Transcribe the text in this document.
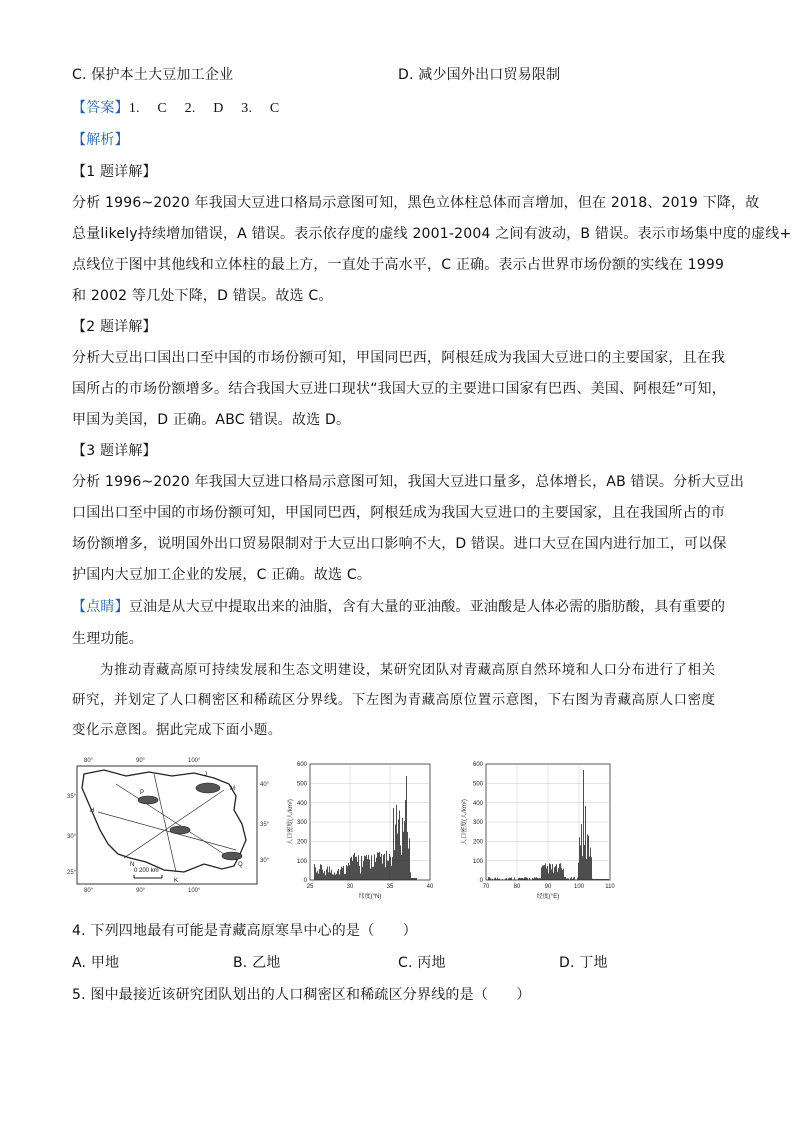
C. 保护本土大豆加工企业	D. 减少国外出口贸易限制
【答案】1. C 2. D 3. C
【解析】
【1 题详解】
分析 1996~2020 年我国大豆进口格局示意图可知，黑色立体柱总体而言增加，但在 2018、2019 下降，故
总量likely持续增加错误，A 错误。表示依存度的虚线 2001-2004 之间有波动，B 错误。表示市场集中度的虚线+
点线位于图中其他线和立体柱的最上方，一直处于高水平，C 正确。表示占世界市场份额的实线在 1999
和 2002 等几处下降，D 错误。故选 C。
【2 题详解】
分析大豆出口国出口至中国的市场份额可知，甲国同巴西，阿根廷成为我国大豆进口的主要国家，且在我
国所占的市场份额增多。结合我国大豆进口现状“我国大豆的主要进口国家有巴西、美国、阿根廷”可知，
甲国为美国，D 正确。ABC 错误。故选 D。
【3 题详解】
分析 1996~2020 年我国大豆进口格局示意图可知，我国大豆进口量多，总体增长，AB 错误。分析大豆出
口国出口至中国的市场份额可知，甲国同巴西，阿根廷成为我国大豆进口的主要国家，且在我国所占的市
场份额增多，说明国外出口贸易限制对于大豆出口影响不大，D 错误。进口大豆在国内进行加工，可以保
护国内大豆加工企业的发展，C 正确。故选 C。
【点睛】豆油是从大豆中提取出来的油脂，含有大量的亚油酸。亚油酸是人体必需的脂肪酸，具有重要的
生理功能。
为推动青藏高原可持续发展和生态文明建设，某研究团队对青藏高原自然环境和人口分布进行了相关
研究，并划定了人口稠密区和稀疏区分界线。下左图为青藏高原位置示意图，下右图为青藏高原人口密度
变化示意图。据此完成下面小题。
80°	90°	100°
80°	90°	100°
35°
30°
25°
40°
35°
30°
P
J
M
H
N
K
Q
0 200 km
0
100
200
300
400
500
600
25	30	35	40
纬度(°N)
人口密度(人/km²)
0
100
200
300
400
500
600
70	80	90	100	110
经度(°E)
人口密度(人/km²)
4. 下列四地最有可能是青藏高原寒旱中心的是（　　）
A. 甲地	B. 乙地	C. 丙地	D. 丁地
5. 图中最接近该研究团队划出的人口稠密区和稀疏区分界线的是（　　）
